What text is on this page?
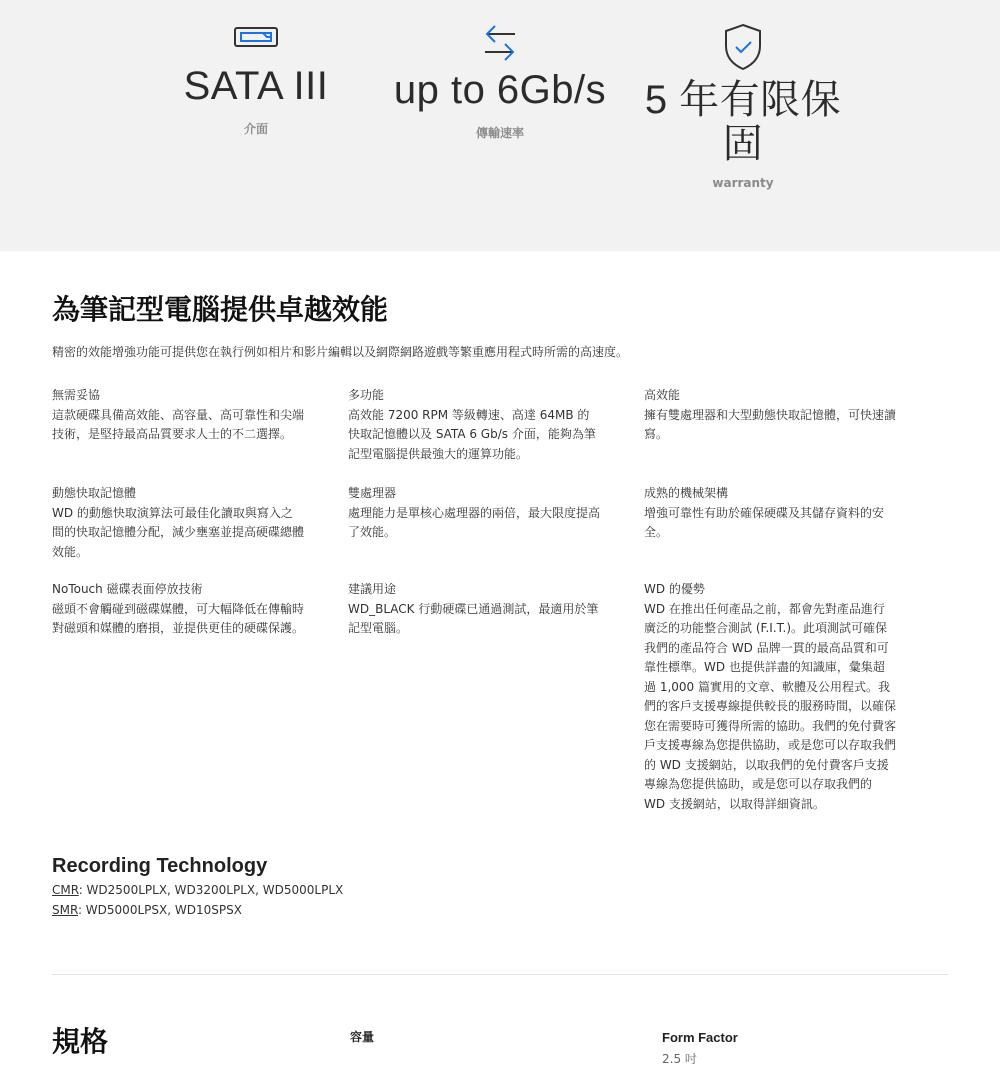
SATA III
介面
up to 6Gb/s
傳輸速率
5 年有限保固
warranty
為筆記型電腦提供卓越效能

精密的效能增強功能可提供您在執行例如相片和影片編輯以及網際網路遊戲等繁重應用程式時所需的高速度。

無需妥協
這款硬碟具備高效能、高容量、高可靠性和尖端技術，是堅持最高品質要求人士的不二選擇。
多功能
高效能 7200 RPM 等級轉速、高達 64MB 的快取記憶體以及 SATA 6 Gb/s 介面，能夠為筆記型電腦提供最強大的運算功能。
高效能
擁有雙處理器和大型動態快取記憶體，可快速讀寫。
動態快取記憶體
WD 的動態快取演算法可最佳化讀取與寫入之間的快取記憶體分配，減少壅塞並提高硬碟總體效能。
雙處理器
處理能力是單核心處理器的兩倍，最大限度提高了效能。
成熟的機械架構
增強可靠性有助於確保硬碟及其儲存資料的安全。
NoTouch 磁碟表面停放技術
磁頭不會觸碰到磁碟媒體，可大幅降低在傳輸時對磁頭和媒體的磨損，並提供更佳的硬碟保護。
建議用途
WD_BLACK 行動硬碟已通過測試，最適用於筆記型電腦。
WD 的優勢
WD 在推出任何產品之前，都會先對產品進行廣泛的功能整合測試 (F.I.T.)。此項測試可確保我們的產品符合 WD 品牌一貫的最高品質和可靠性標準。WD 也提供詳盡的知識庫，彙集超過 1,000 篇實用的文章、軟體及公用程式。我們的客戶支援專線提供較長的服務時間，以確保您在需要時可獲得所需的協助。我們的免付費客戶支援專線為您提供協助，或是您可以存取我們的 WD 支援網站，以取我們的免付費客戶支援專線為您提供協助，或是您可以存取我們的 WD 支援網站，以取得詳細資訊。
Recording Technology
CMR: WD2500LPLX, WD3200LPLX, WD5000LPLX
SMR: WD5000LPSX, WD10SPSX
規格	容量	Form Factor
2.5 吋
